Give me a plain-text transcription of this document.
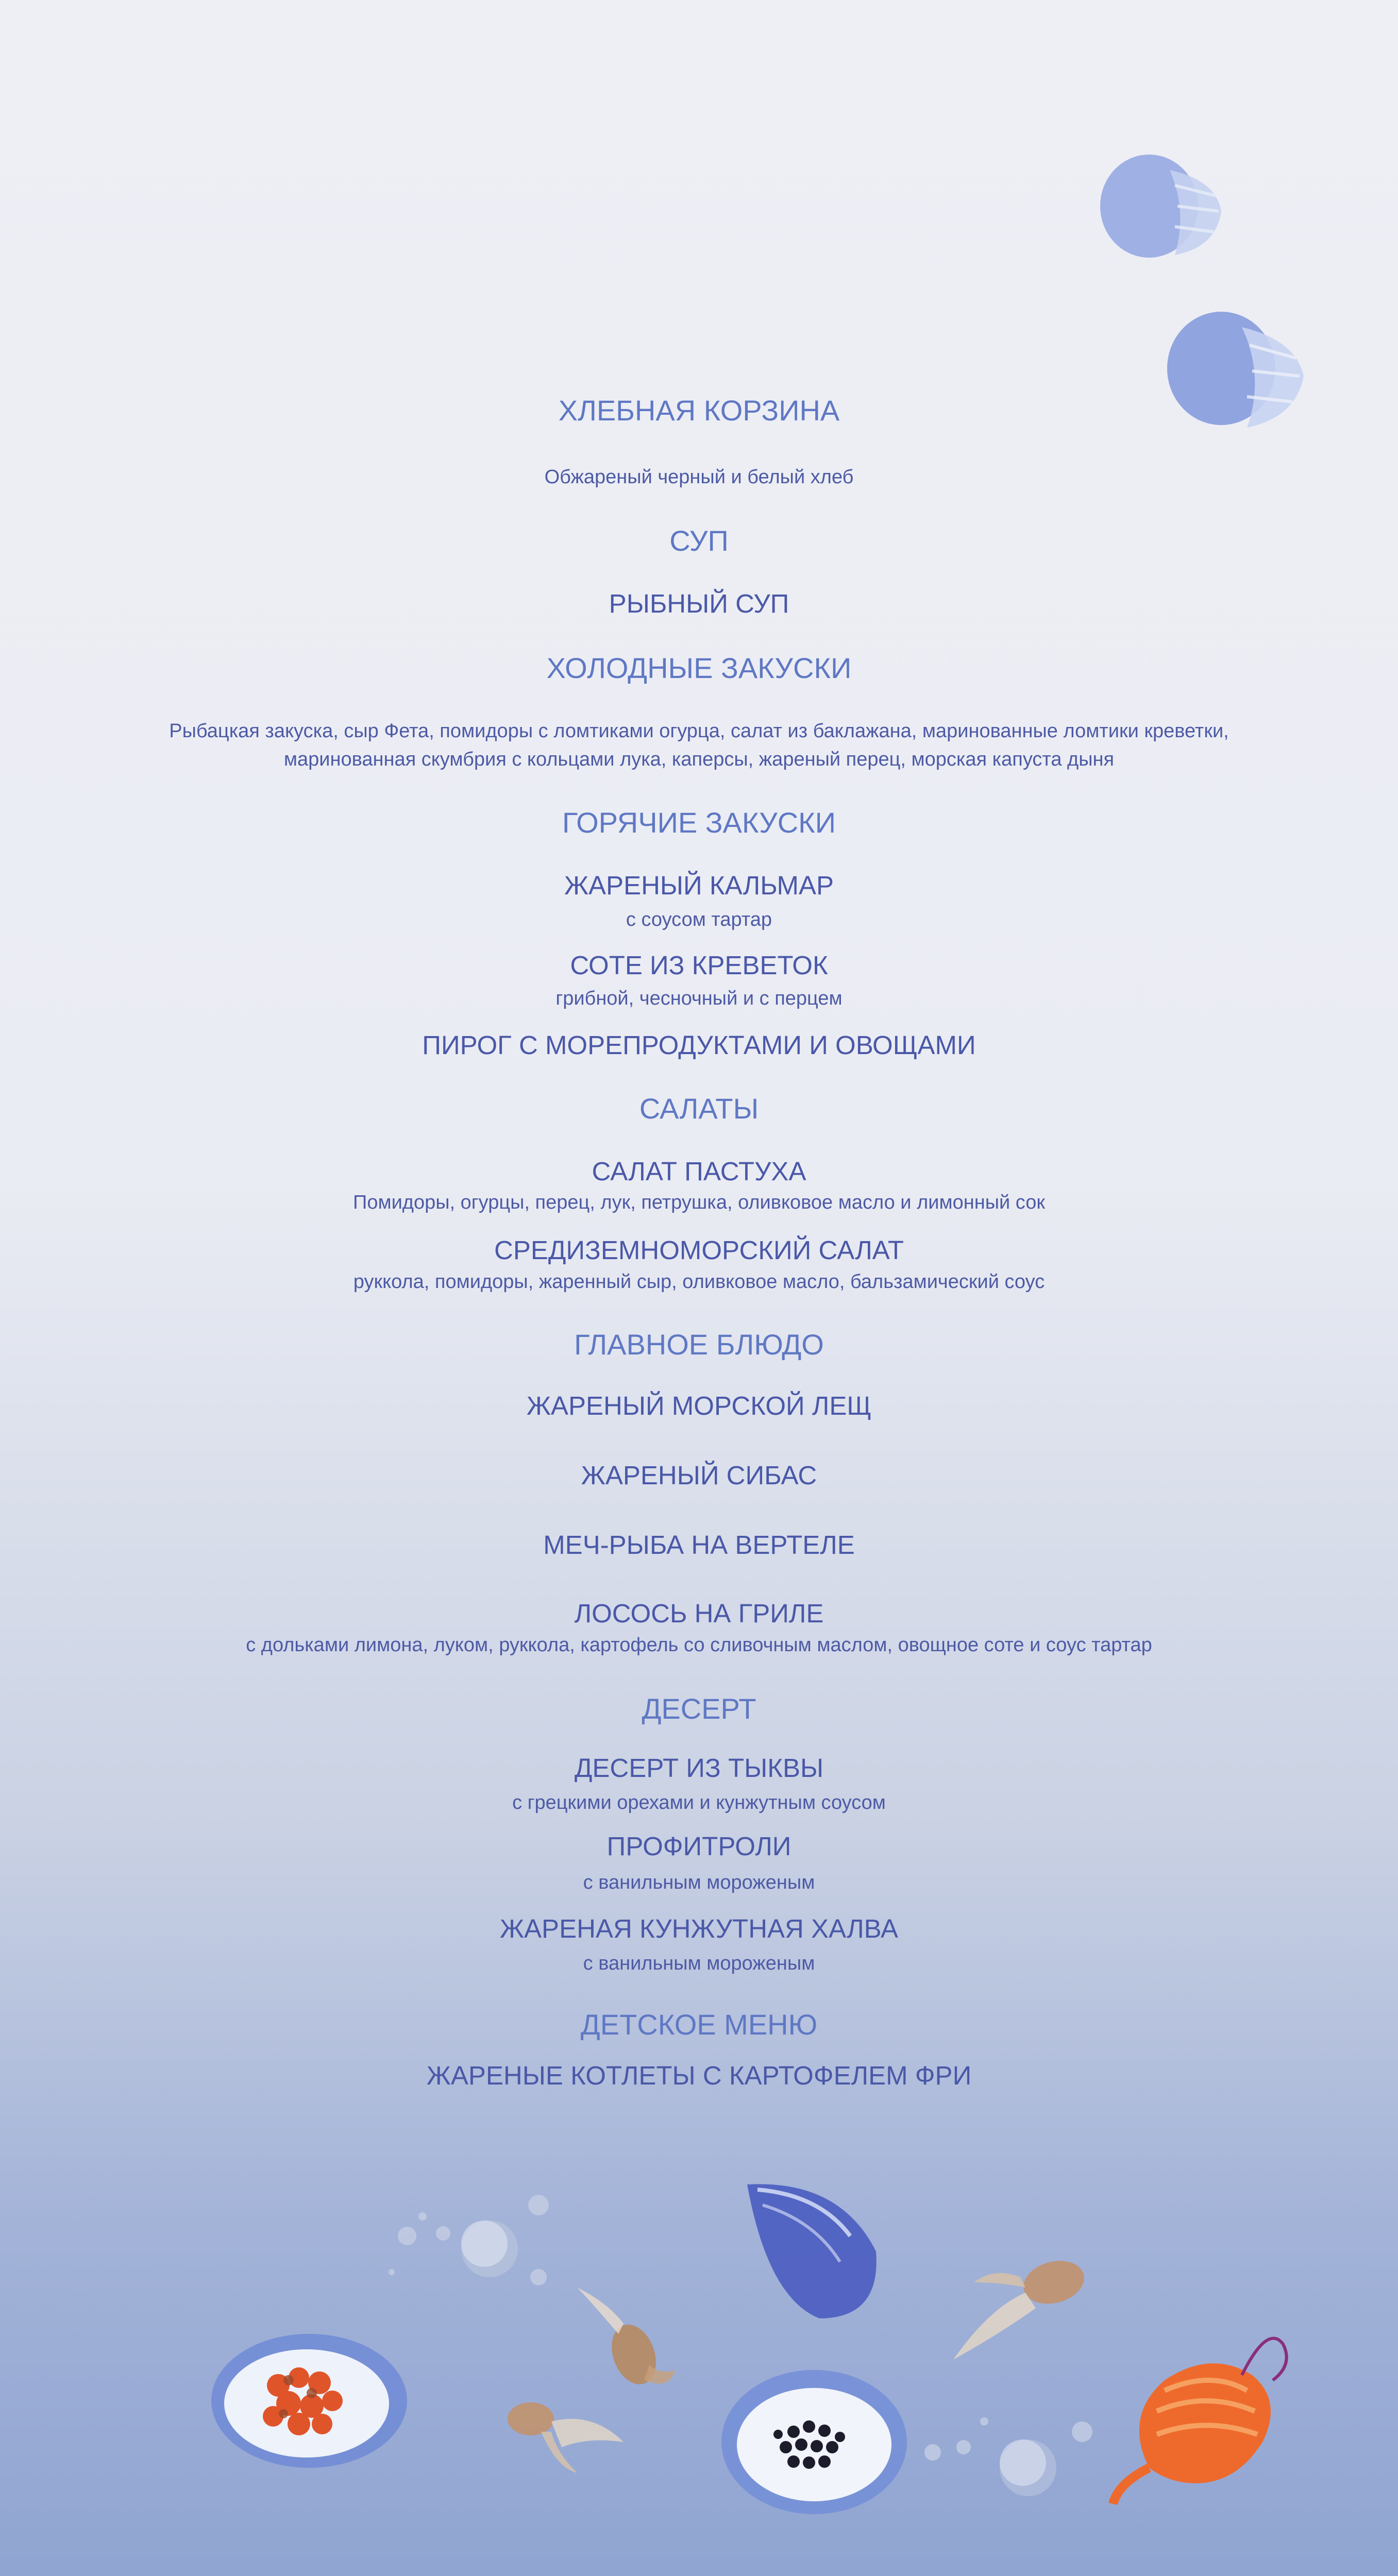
ХЛЕБНАЯ КОРЗИНА
Обжареный черный и белый хлеб
СУП
РЫБНЫЙ СУП
ХОЛОДНЫЕ ЗАКУСКИ
Рыбацкая закуска, сыр Фета, помидоры с ломтиками огурца, салат из баклажана, маринованные ломтики креветки,
маринованная скумбрия с кольцами лука, каперсы, жареный перец, морская капуста дыня
ГОРЯЧИЕ ЗАКУСКИ
ЖАРЕНЫЙ КАЛЬМАР
с соусом тартар
СОТЕ ИЗ КРЕВЕТОК
грибной, чесночный и с перцем
ПИРОГ С МОРЕПРОДУКТАМИ И ОВОЩАМИ
САЛАТЫ
САЛАТ ПАСТУХА
Помидоры, огурцы, перец, лук, петрушка, оливковое масло и лимонный сок
СРЕДИЗЕМНОМОРСКИЙ САЛАТ
руккола, помидоры, жаренный сыр, оливковое масло, бальзамический соус
ГЛАВНОЕ БЛЮДО
ЖАРЕНЫЙ МОРСКОЙ ЛЕЩ
ЖАРЕНЫЙ СИБАС
МЕЧ-РЫБА НА ВЕРТЕЛЕ
ЛОСОСЬ НА ГРИЛЕ
с дольками лимона, луком, руккола, картофель со сливочным маслом, овощное соте и соус тартар
ДЕСЕРТ
ДЕСЕРТ ИЗ ТЫКВЫ
с грецкими орехами и кунжутным соусом
ПРОФИТРОЛИ
с ванильным мороженым
ЖАРЕНАЯ КУНЖУТНАЯ ХАЛВА
с ванильным мороженым
ДЕТСКОЕ МЕНЮ
ЖАРЕНЫЕ КОТЛЕТЫ С КАРТОФЕЛЕМ ФРИ
